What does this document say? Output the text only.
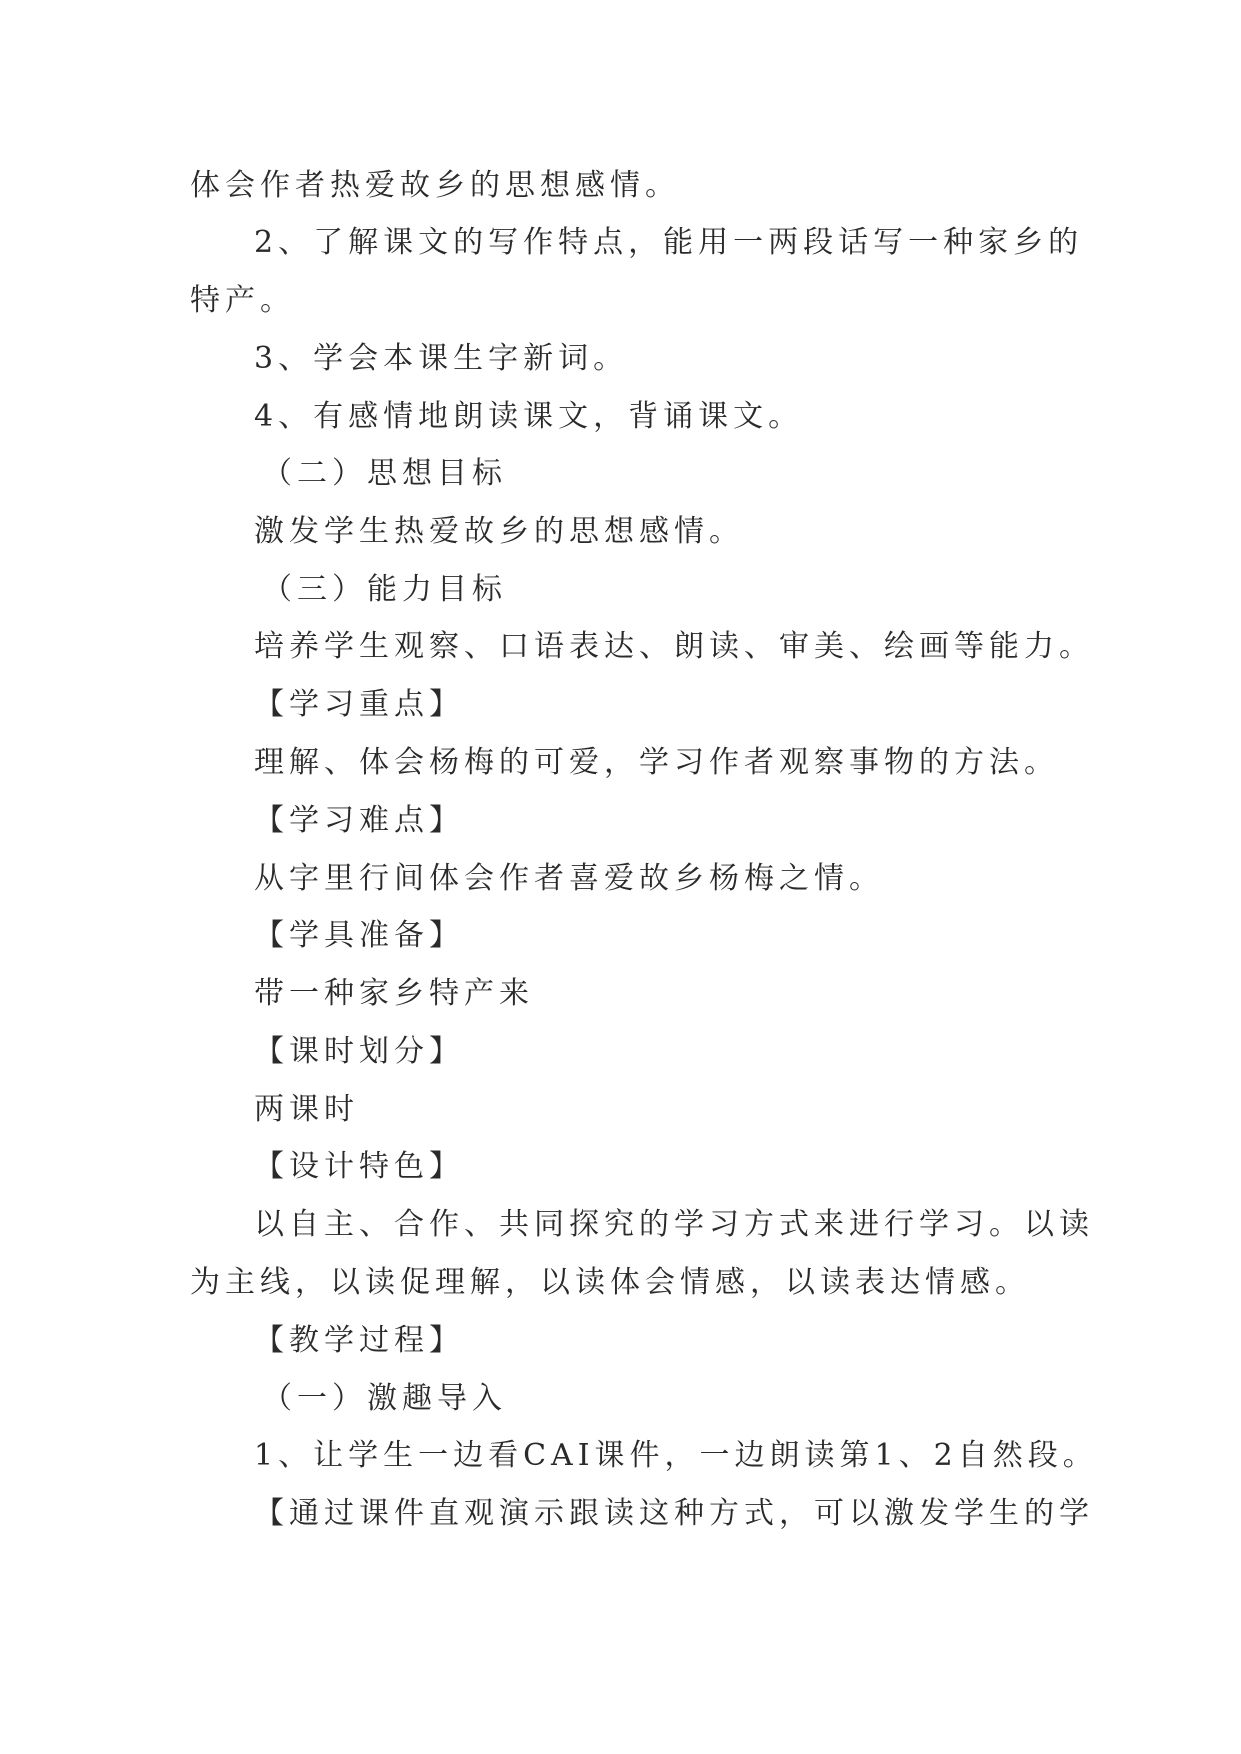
体会作者热爱故乡的思想感情。
2、了解课文的写作特点，能用一两段话写一种家乡的
特产。
3、学会本课生字新词。
4、有感情地朗读课文，背诵课文。
（二）思想目标
激发学生热爱故乡的思想感情。
（三）能力目标
培养学生观察、口语表达、朗读、审美、绘画等能力。
【学习重点】
理解、体会杨梅的可爱，学习作者观察事物的方法。
【学习难点】
从字里行间体会作者喜爱故乡杨梅之情。
【学具准备】
带一种家乡特产来
【课时划分】
两课时
【设计特色】
以自主、合作、共同探究的学习方式来进行学习。以读
为主线，以读促理解，以读体会情感，以读表达情感。
【教学过程】
（一）激趣导入
1、让学生一边看CAI课件，一边朗读第1、2自然段。
【通过课件直观演示跟读这种方式，可以激发学生的学
